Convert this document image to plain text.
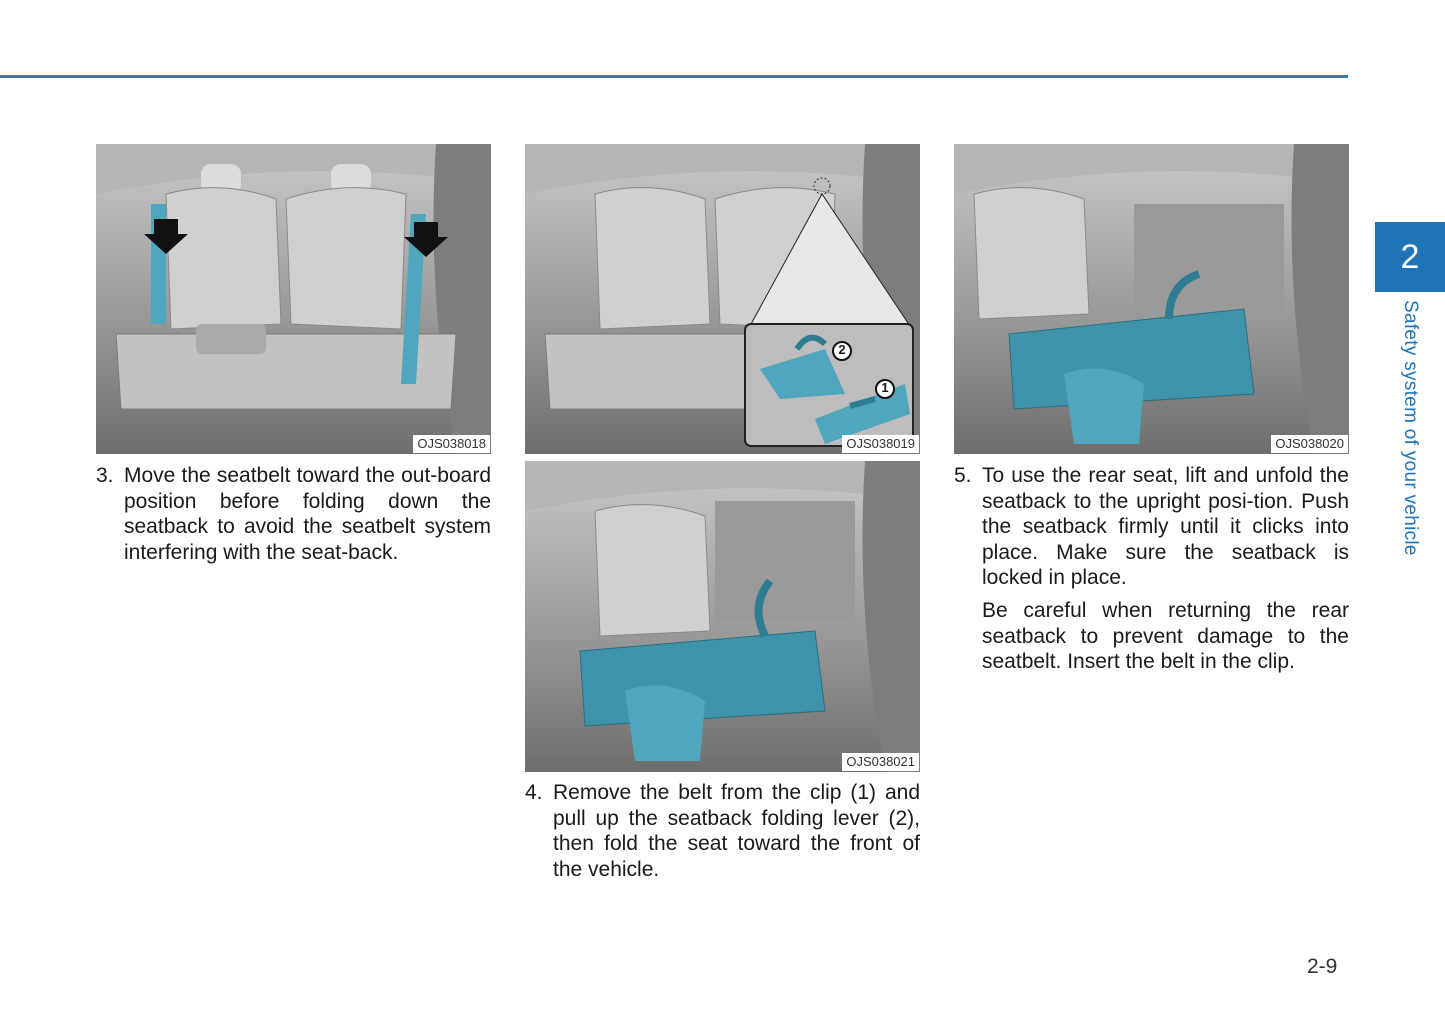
2
Safety system of your vehicle
OJS038018
2
1
OJS038019
OJS038021
OJS038020

3. Move the seatbelt toward the out-board position before folding down the seatback to avoid the seatbelt system interfering with the seat-back.

4. Remove the belt from the clip (1) and pull up the seatback folding lever (2), then fold the seat toward the front of the vehicle.

5. To use the rear seat, lift and unfold the seatback to the upright posi-tion. Push the seatback firmly until it clicks into place. Make sure the seatback is locked in place.

Be careful when returning the rear seatback to prevent damage to the seatbelt. Insert the belt in the clip.

2-9
